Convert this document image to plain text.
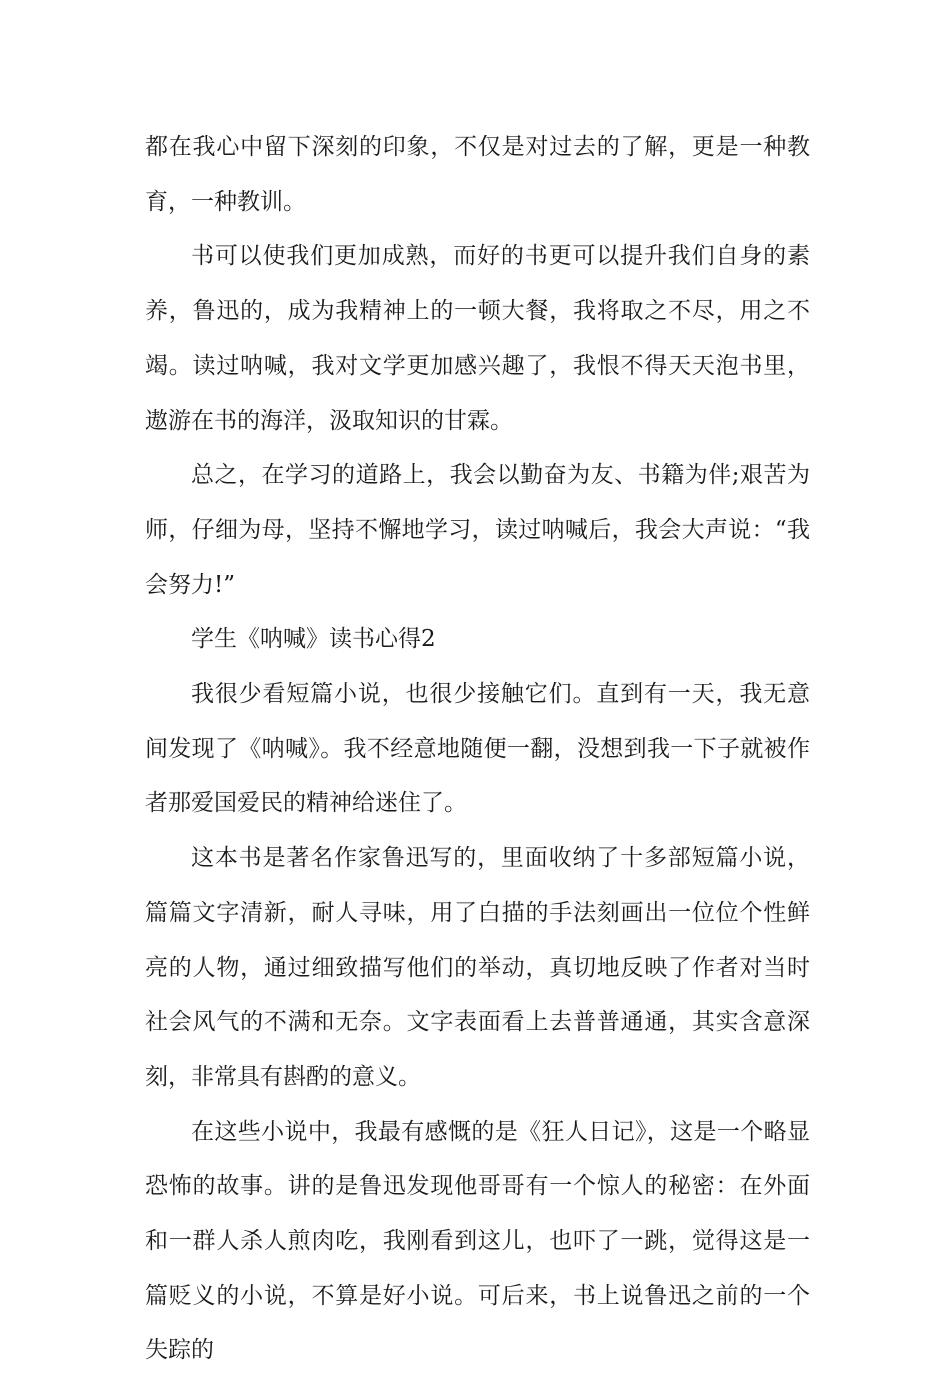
都在我心中留下深刻的印象，不仅是对过去的了解，更是一种教育，一种教训。

书可以使我们更加成熟，而好的书更可以提升我们自身的素养，鲁迅的，成为我精神上的一顿大餐，我将取之不尽，用之不竭。读过呐喊，我对文学更加感兴趣了，我恨不得天天泡书里，遨游在书的海洋，汲取知识的甘霖。

总之，在学习的道路上，我会以勤奋为友、书籍为伴;艰苦为师，仔细为母，坚持不懈地学习，读过呐喊后，我会大声说：“我会努力!”

学生《呐喊》读书心得2

我很少看短篇小说，也很少接触它们。直到有一天，我无意间发现了《呐喊》。我不经意地随便一翻，没想到我一下子就被作者那爱国爱民的精神给迷住了。

这本书是著名作家鲁迅写的，里面收纳了十多部短篇小说，篇篇文字清新，耐人寻味，用了白描的手法刻画出一位位个性鲜亮的人物，通过细致描写他们的举动，真切地反映了作者对当时社会风气的不满和无奈。文字表面看上去普普通通，其实含意深刻，非常具有斟酌的意义。

在这些小说中，我最有感慨的是《狂人日记》，这是一个略显恐怖的故事。讲的是鲁迅发现他哥哥有一个惊人的秘密：在外面和一群人杀人煎肉吃，我刚看到这儿，也吓了一跳，觉得这是一篇贬义的小说，不算是好小说。可后来，书上说鲁迅之前的一个失踪的
